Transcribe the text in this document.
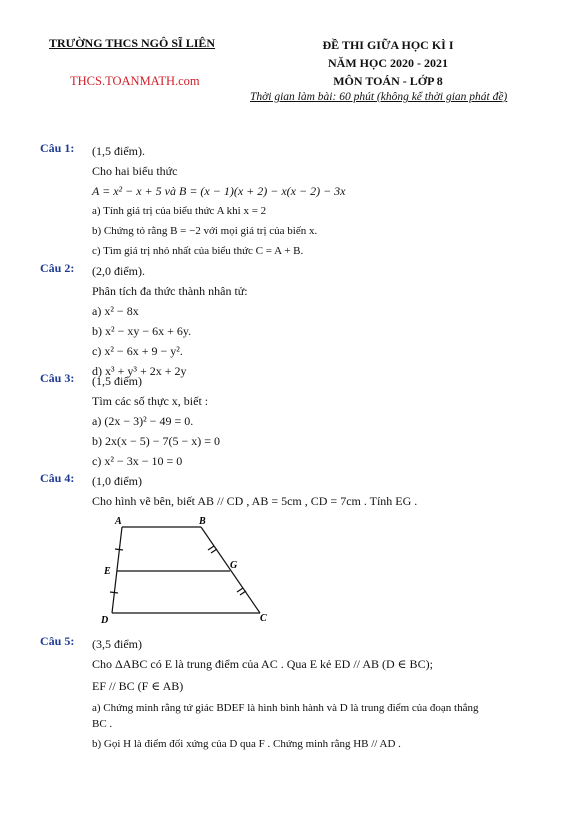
TRƯỜNG THCS NGÔ SĨ LIÊN
THCS.TOANMATH.com
ĐỀ THI GIỮA HỌC KÌ I
NĂM HỌC 2020 - 2021
MÔN TOÁN - LỚP 8
Thời gian làm bài: 60 phút (không kể thời gian phát đề)
Câu 1: (1,5 điểm).
Cho hai biểu thức
A = x² − x + 5 và B = (x − 1)(x + 2) − x(x − 2) − 3x
a) Tính giá trị của biểu thức A khi x = 2
b) Chứng tỏ rằng B = −2 với mọi giá trị của biến x.
c) Tìm giá trị nhỏ nhất của biểu thức C = A + B.
Câu 2: (2,0 điểm).
Phân tích đa thức thành nhân tử:
a) x² − 8x
b) x² − xy − 6x + 6y.
c) x² − 6x + 9 − y².
d) x³ + y³ + 2x + 2y
Câu 3: (1,5 điểm)
Tìm các số thực x, biết :
a) (2x − 3)² − 49 = 0.
b) 2x(x − 5) − 7(5 − x) = 0
c) x² − 3x − 10 = 0
Câu 4: (1,0 điểm)
Cho hình vẽ bên, biết AB // CD , AB = 5cm , CD = 7cm . Tính EG .
A	B
E
G
D	C
Câu 5: (3,5 điểm)
Cho ΔABC có E là trung điểm của AC . Qua E kẻ ED // AB (D ∈ BC);
EF // BC (F ∈ AB)
a) Chứng minh rằng tứ giác BDEF là hình bình hành và D là trung điểm của đoạn thẳng
BC .
b) Gọi H là điểm đối xứng của D qua F . Chứng minh rằng HB // AD .
